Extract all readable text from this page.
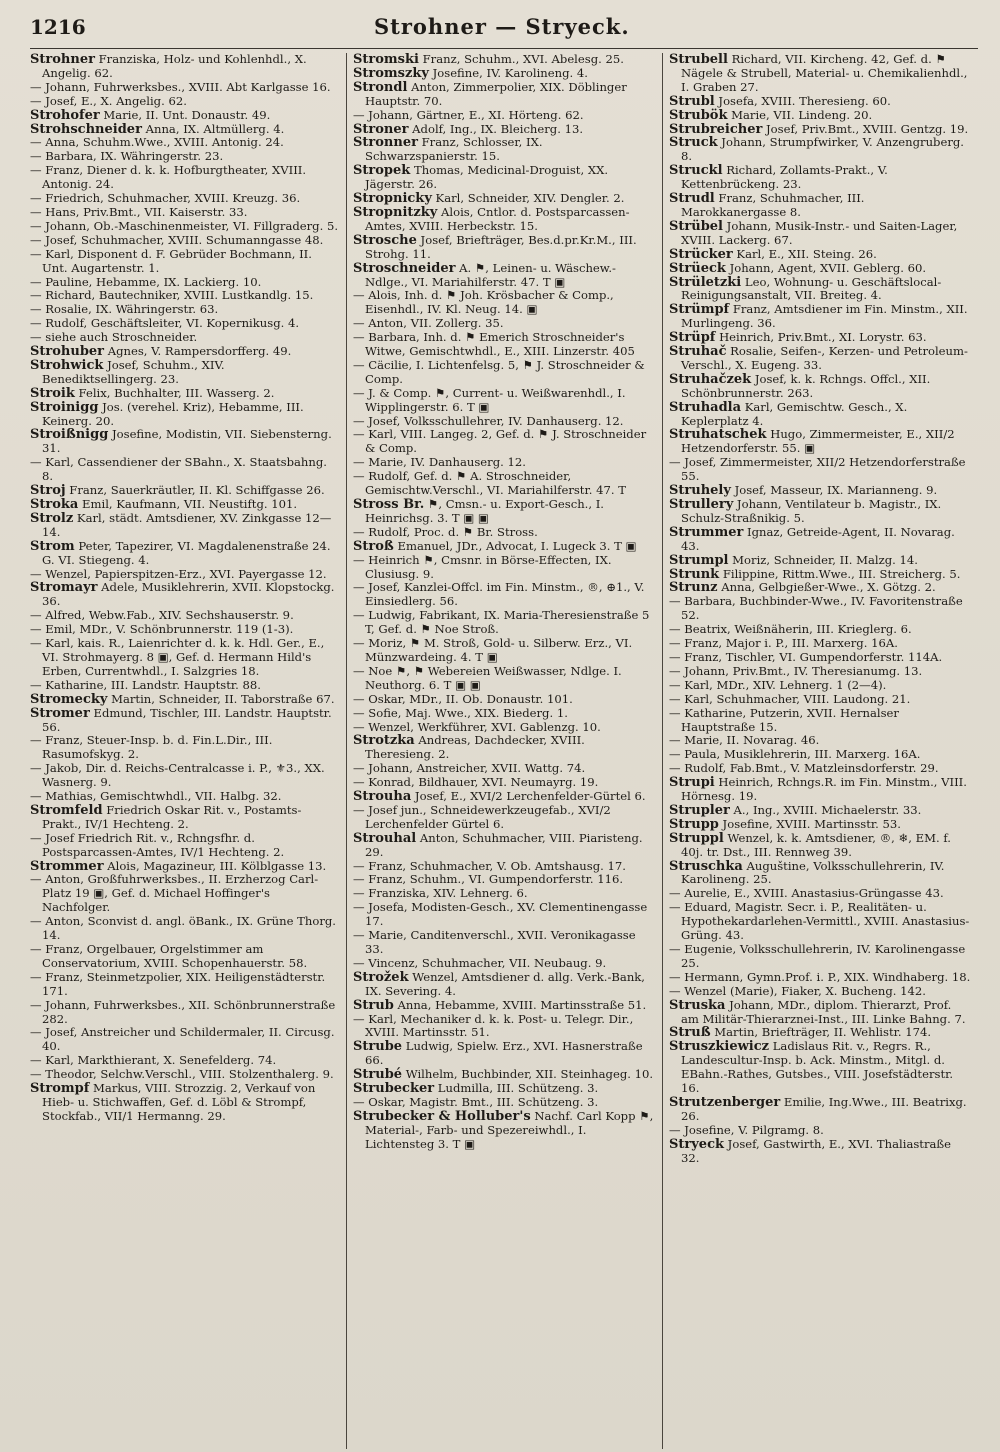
1216	Strohner — Stryeck.

Strohner Franziska, Holz- und Kohlenhdl., X. Angelig. 62.

— Johann, Fuhrwerksbes., XVIII. Abt Karlgasse 16.

— Josef, E., X. Angelig. 62.

Strohofer Marie, II. Unt. Donaustr. 49.

Strohschneider Anna, IX. Altmüllerg. 4.

— Anna, Schuhm.Wwe., XVIII. Antonig. 24.

— Barbara, IX. Währingerstr. 23.

— Franz, Diener d. k. k. Hofburgtheater, XVIII. Antonig. 24.

— Friedrich, Schuhmacher, XVIII. Kreuzg. 36.

— Hans, Priv.Bmt., VII. Kaiserstr. 33.

— Johann, Ob.-Maschinenmeister, VI. Fillgraderg. 5.

— Josef, Schuhmacher, XVIII. Schumanngasse 48.

— Karl, Disponent d. F. Gebrüder Bochmann, II. Unt. Augartenstr. 1.

— Pauline, Hebamme, IX. Lackierg. 10.

— Richard, Bautechniker, XVIII. Lustkandlg. 15.

— Rosalie, IX. Währingerstr. 63.

— Rudolf, Geschäftsleiter, VI. Kopernikusg. 4.

— siehe auch Stroschneider.

Strohuber Agnes, V. Rampersdorfferg. 49.

Strohwick Josef, Schuhm., XIV. Benediktsellingerg. 23.

Stroik Felix, Buchhalter, III. Wasserg. 2.

Stroinigg Jos. (verehel. Kriz), Hebamme, III. Keinerg. 20.

Stroißnigg Josefine, Modistin, VII. Siebensterng. 31.

— Karl, Cassendiener der SBahn., X. Staatsbahng. 8.

Stroj Franz, Sauerkräutler, II. Kl. Schiffgasse 26.

Stroka Emil, Kaufmann, VII. Neustiftg. 101.

Strolz Karl, städt. Amtsdiener, XV. Zinkgasse 12—14.

Strom Peter, Tapezirer, VI. Magdalenenstraße 24. G. VI. Stiegeng. 4.

— Wenzel, Papierspitzen-Erz., XVI. Payergasse 12.

Stromayr Adele, Musiklehrerin, XVII. Klopstockg. 36.

— Alfred, Webw.Fab., XIV. Sechshauserstr. 9.

— Emil, MDr., V. Schönbrunnerstr. 119 (1-3).

— Karl, kais. R., Laienrichter d. k. k. Hdl. Ger., E., VI. Strohmayerg. 8 ▣, Gef. d. Hermann Hild's Erben, Currentwhdl., I. Salzgries 18.

— Katharine, III. Landstr. Hauptstr. 88.

Stromecky Martin, Schneider, II. Taborstraße 67.

Stromer Edmund, Tischler, III. Landstr. Hauptstr. 56.

— Franz, Steuer-Insp. b. d. Fin.L.Dir., III. Rasumofskyg. 2.

— Jakob, Dir. d. Reichs-Centralcasse i. P., ⚜3., XX. Wasnerg. 9.

— Mathias, Gemischtwhdl., VII. Halbg. 32.

Stromfeld Friedrich Oskar Rit. v., Postamts-Prakt., IV/1 Hechteng. 2.

— Josef Friedrich Rit. v., Rchngsfhr. d. Postsparcassen-Amtes, IV/1 Hechteng. 2.

Strommer Alois, Magazineur, III. Kölblgasse 13.

— Anton, Großfuhrwerksbes., II. Erzherzog Carl-Platz 19 ▣, Gef. d. Michael Hoffinger's Nachfolger.

— Anton, Sconvist d. angl. öBank., IX. Grüne Thorg. 14.

— Franz, Orgelbauer, Orgelstimmer am Conservatorium, XVIII. Schopenhauerstr. 58.

— Franz, Steinmetzpolier, XIX. Heiligenstädterstr. 171.

— Johann, Fuhrwerksbes., XII. Schönbrunnerstraße 282.

— Josef, Anstreicher und Schildermaler, II. Circusg. 40.

— Karl, Markthierant, X. Senefelderg. 74.

— Theodor, Selchw.Verschl., VIII. Stolzenthalerg. 9.

Strompf Markus, VIII. Strozzig. 2, Verkauf von Hieb- u. Stichwaffen, Gef. d. Löbl & Strompf, Stockfab., VII/1 Hermanng. 29.

Stromski Franz, Schuhm., XVI. Abelesg. 25.

Stromszky Josefine, IV. Karolineng. 4.

Strondl Anton, Zimmerpolier, XIX. Döblinger Hauptstr. 70.

— Johann, Gärtner, E., XI. Hörteng. 62.

Stroner Adolf, Ing., IX. Bleicherg. 13.

Stronner Franz, Schlosser, IX. Schwarzspanierstr. 15.

Stropek Thomas, Medicinal-Droguist, XX. Jägerstr. 26.

Stropnicky Karl, Schneider, XIV. Dengler. 2.

Stropnitzky Alois, Cntlor. d. Postsparcassen-Amtes, XVIII. Herbeckstr. 15.

Strosche Josef, Briefträger, Bes.d.pr.Kr.M., III. Strohg. 11.

Stroschneider A. ⚑, Leinen- u. Wäschew.-Ndlge., VI. Mariahilferstr. 47. T ▣

— Alois, Inh. d. ⚑ Joh. Krösbacher & Comp., Eisenhdl., IV. Kl. Neug. 14. ▣

— Anton, VII. Zollerg. 35.

— Barbara, Inh. d. ⚑ Emerich Stroschneider's Witwe, Gemischtwhdl., E., XIII. Linzerstr. 405

— Cäcilie, I. Lichtenfelsg. 5, ⚑ J. Stroschneider & Comp.

— J. & Comp. ⚑, Current- u. Weißwarenhdl., I. Wipplingerstr. 6. T ▣

— Josef, Volksschullehrer, IV. Danhauserg. 12.

— Karl, VIII. Langeg. 2, Gef. d. ⚑ J. Stroschneider & Comp.

— Marie, IV. Danhauserg. 12.

— Rudolf, Gef. d. ⚑ A. Stroschneider, Gemischtw.Verschl., VI. Mariahilferstr. 47. T

Stross Br. ⚑, Cmsn.- u. Export-Gesch., I. Heinrichsg. 3. T ▣ ▣

— Rudolf, Proc. d. ⚑ Br. Stross.

Stroß Emanuel, JDr., Advocat, I. Lugeck 3. T ▣

— Heinrich ⚑, Cmsnr. in Börse-Effecten, IX. Clusiusg. 9.

— Josef, Kanzlei-Offcl. im Fin. Minstm., ®, ⊕1., V. Einsiedlerg. 56.

— Ludwig, Fabrikant, IX. Maria-Theresienstraße 5 T, Gef. d. ⚑ Noe Stroß.

— Moriz, ⚑ M. Stroß, Gold- u. Silberw. Erz., VI. Münzwardeing. 4. T ▣

— Noe ⚑, ⚑ Webereien Weißwasser, Ndlge. I. Neuthorg. 6. T ▣ ▣

— Oskar, MDr., II. Ob. Donaustr. 101.

— Sofie, Maj. Wwe., XIX. Biederg. 1.

— Wenzel, Werkführer, XVI. Gablenzg. 10.

Strotzka Andreas, Dachdecker, XVIII. Theresieng. 2.

— Johann, Anstreicher, XVII. Wattg. 74.

— Konrad, Bildhauer, XVI. Neumayrg. 19.

Strouha Josef, E., XVI/2 Lerchenfelder-Gürtel 6.

— Josef jun., Schneidewerkzeugefab., XVI/2 Lerchenfelder Gürtel 6.

Strouhal Anton, Schuhmacher, VIII. Piaristeng. 29.

— Franz, Schuhmacher, V. Ob. Amtshausg. 17.

— Franz, Schuhm., VI. Gumpendorferstr. 116.

— Franziska, XIV. Lehnerg. 6.

— Josefa, Modisten-Gesch., XV. Clementinengasse 17.

— Marie, Canditenverschl., XVII. Veronikagasse 33.

— Vincenz, Schuhmacher, VII. Neubaug. 9.

Strožek Wenzel, Amtsdiener d. allg. Verk.-Bank, IX. Severing. 4.

Strub Anna, Hebamme, XVIII. Martinsstraße 51.

— Karl, Mechaniker d. k. k. Post- u. Telegr. Dir., XVIII. Martinsstr. 51.

Strube Ludwig, Spielw. Erz., XVI. Hasnerstraße 66.

Strubé Wilhelm, Buchbinder, XII. Steinhageg. 10.

Strubecker Ludmilla, III. Schützeng. 3.

— Oskar, Magistr. Bmt., III. Schützeng. 3.

Strubecker & Holluber's Nachf. Carl Kopp ⚑, Material-, Farb- und Spezereiwhdl., I. Lichtensteg 3. T ▣

Strubell Richard, VII. Kircheng. 42, Gef. d. ⚑ Nägele & Strubell, Material- u. Chemikalienhdl., I. Graben 27.

Strubl Josefa, XVIII. Theresieng. 60.

Strubök Marie, VII. Lindeng. 20.

Strubreicher Josef, Priv.Bmt., XVIII. Gentzg. 19.

Struck Johann, Strumpfwirker, V. Anzengruberg. 8.

Struckl Richard, Zollamts-Prakt., V. Kettenbrückeng. 23.

Strudl Franz, Schuhmacher, III. Marokkanergasse 8.

Strübel Johann, Musik-Instr.- und Saiten-Lager, XVIII. Lackerg. 67.

Strücker Karl, E., XII. Steing. 26.

Strüeck Johann, Agent, XVII. Geblerg. 60.

Strületzki Leo, Wohnung- u. Geschäftslocal-Reinigungsanstalt, VII. Breiteg. 4.

Strümpf Franz, Amtsdiener im Fin. Minstm., XII. Murlingeng. 36.

Strüpf Heinrich, Priv.Bmt., XI. Lorystr. 63.

Struhač Rosalie, Seifen-, Kerzen- und Petroleum-Verschl., X. Eugeng. 33.

Struhačzek Josef, k. k. Rchngs. Offcl., XII. Schönbrunnerstr. 263.

Struhadla Karl, Gemischtw. Gesch., X. Keplerplatz 4.

Struhatschek Hugo, Zimmermeister, E., XII/2 Hetzendorferstr. 55. ▣

— Josef, Zimmermeister, XII/2 Hetzendorferstraße 55.

Struhely Josef, Masseur, IX. Marianneng. 9.

Strullery Johann, Ventilateur b. Magistr., IX. Schulz-Straßnikig. 5.

Strummer Ignaz, Getreide-Agent, II. Novarag. 43.

Strumpl Moriz, Schneider, II. Malzg. 14.

Strunk Filippine, Rittm.Wwe., III. Streicherg. 5.

Strunz Anna, Gelbgießer-Wwe., X. Götzg. 2.

— Barbara, Buchbinder-Wwe., IV. Favoritenstraße 52.

— Beatrix, Weißnäherin, III. Krieglerg. 6.

— Franz, Major i. P., III. Marxerg. 16A.

— Franz, Tischler, VI. Gumpendorferstr. 114A.

— Johann, Priv.Bmt., IV. Theresianumg. 13.

— Karl, MDr., XIV. Lehnerg. 1 (2—4).

— Karl, Schuhmacher, VIII. Laudong. 21.

— Katharine, Putzerin, XVII. Hernalser Hauptstraße 15.

— Marie, II. Novarag. 46.

— Paula, Musiklehrerin, III. Marxerg. 16A.

— Rudolf, Fab.Bmt., V. Matzleinsdorferstr. 29.

Strupi Heinrich, Rchngs.R. im Fin. Minstm., VIII. Hörnesg. 19.

Strupler A., Ing., XVIII. Michaelerstr. 33.

Strupp Josefine, XVIII. Martinsstr. 53.

Struppl Wenzel, k. k. Amtsdiener, ®, ❄, EM. f. 40j. tr. Dst., III. Rennweg 39.

Struschka Auguštine, Volksschullehrerin, IV. Karolineng. 25.

— Aurelie, E., XVIII. Anastasius-Grüngasse 43.

— Eduard, Magistr. Secr. i. P., Realitäten- u. Hypothekardarlehen-Vermittl., XVIII. Anastasius-Grüng. 43.

— Eugenie, Volksschullehrerin, IV. Karolinengasse 25.

— Hermann, Gymn.Prof. i. P., XIX. Windhaberg. 18.

— Wenzel (Marie), Fiaker, X. Bucheng. 142.

Struska Johann, MDr., diplom. Thierarzt, Prof. am Militär-Thierarznei-Inst., III. Linke Bahng. 7.

Struß Martin, Briefträger, II. Wehlistr. 174.

Struszkiewicz Ladislaus Rit. v., Regrs. R., Landescultur-Insp. b. Ack. Minstm., Mitgl. d. EBahn.-Rathes, Gutsbes., VIII. Josefstädterstr. 16.

Strutzenberger Emilie, Ing.Wwe., III. Beatrixg. 26.

— Josefine, V. Pilgramg. 8.

Stryeck Josef, Gastwirth, E., XVI. Thaliastraße 32.
